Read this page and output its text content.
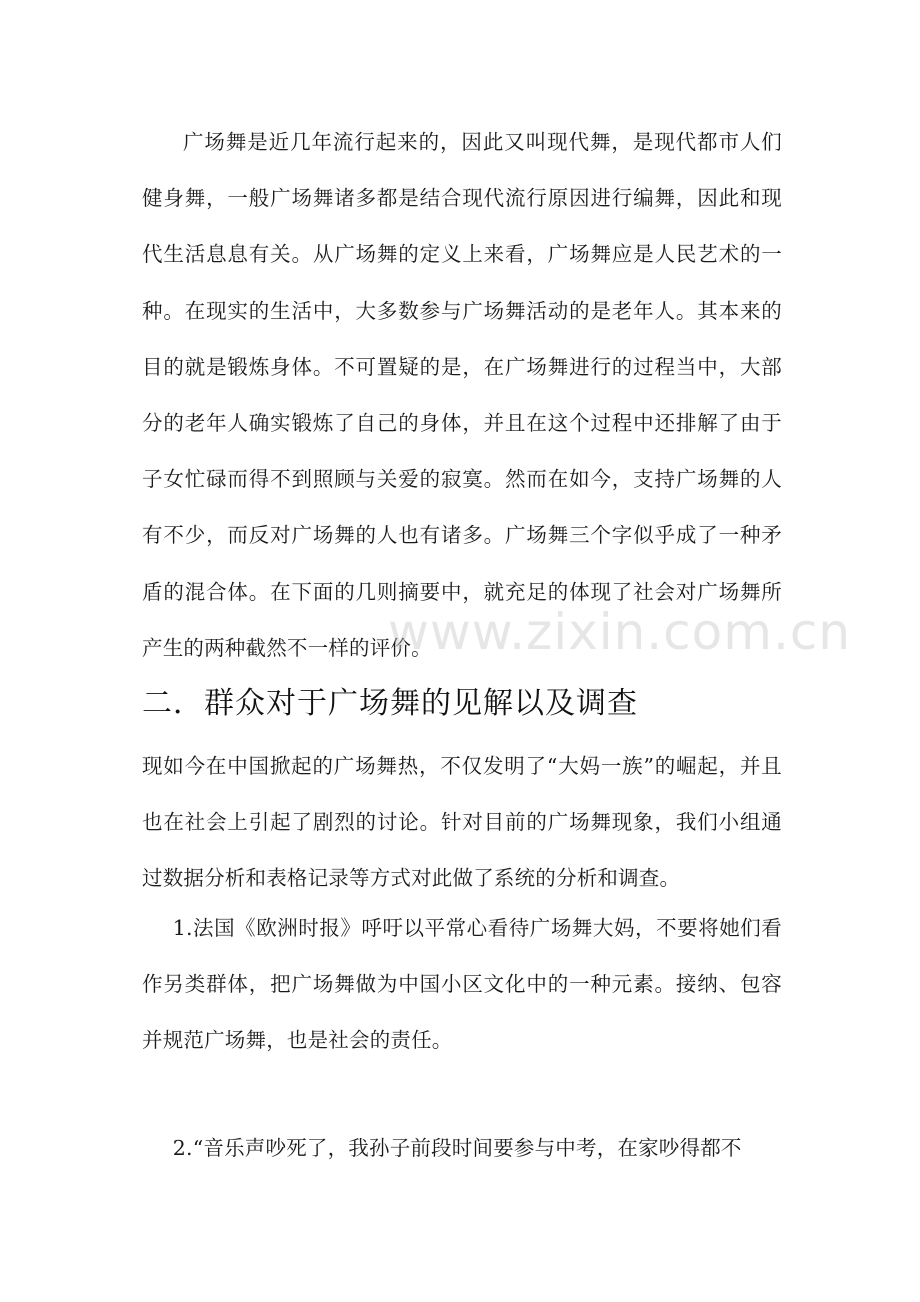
广场舞是近几年流行起来的，因此又叫现代舞，是现代都市人们健身舞，一般广场舞诸多都是结合现代流行原因进行编舞，因此和现代生活息息有关。从广场舞的定义上来看，广场舞应是人民艺术的一种。在现实的生活中，大多数参与广场舞活动的是老年人。其本来的目的就是锻炼身体。不可置疑的是，在广场舞进行的过程当中，大部分的老年人确实锻炼了自己的身体，并且在这个过程中还排解了由于子女忙碌而得不到照顾与关爱的寂寞。然而在如今，支持广场舞的人有不少，而反对广场舞的人也有诸多。广场舞三个字似乎成了一种矛盾的混合体。在下面的几则摘要中，就充足的体现了社会对广场舞所产生的两种截然不一样的评价。

www.zixin.com.cn
二．群众对于广场舞的见解以及调查

现如今在中国掀起的广场舞热，不仅发明了“大妈一族”的崛起，并且也在社会上引起了剧烈的讨论。针对目前的广场舞现象，我们小组通过数据分析和表格记录等方式对此做了系统的分析和调查。

1.法国《欧洲时报》呼吁以平常心看待广场舞大妈，不要将她们看作另类群体，把广场舞做为中国小区文化中的一种元素。接纳、包容并规范广场舞，也是社会的责任。

2.“音乐声吵死了，我孙子前段时间要参与中考，在家吵得都不
